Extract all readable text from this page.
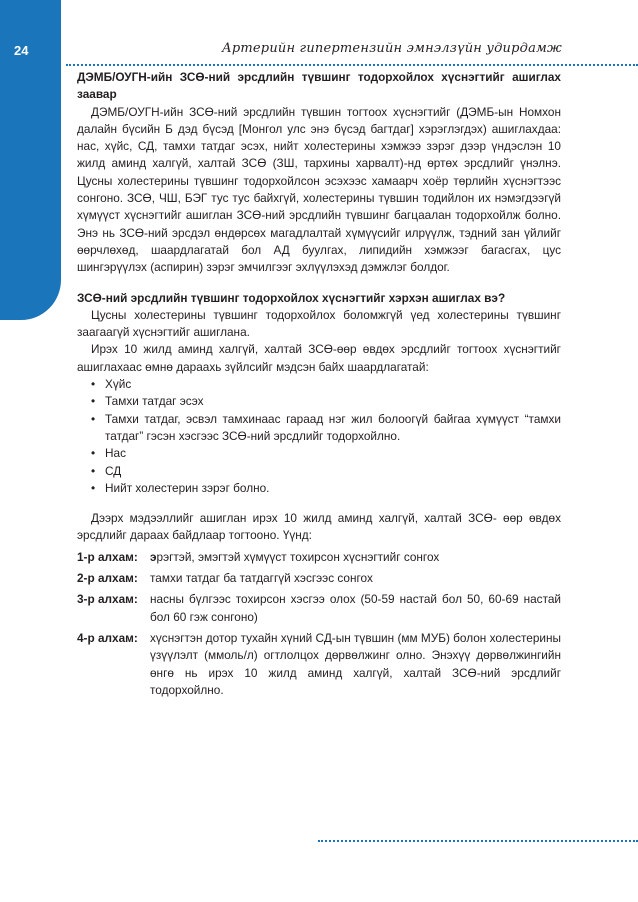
24	Артерийн гипертензийн эмнэлзүйн удирдамж
ДЭМБ/ОУГН-ийн ЗСӨ-ний эрсдлийн түвшинг тодорхойлох хүснэгтийг ашиглах заавар

ДЭМБ/ОУГН-ийн ЗСӨ-ний эрсдлийн түвшин тогтоох хүснэгтийг (ДЭМБ-ын Номхон далайн бүсийн Б дэд бүсэд [Монгол улс энэ бүсэд багтдаг] хэрэглэгдэх) ашиглахдаа: нас, хүйс, СД, тамхи татдаг эсэх, нийт холестерины хэмжээ зэрэг дээр үндэслэн 10 жилд аминд халгүй, халтай ЗСӨ (ЗШ, тархины харвалт)-нд өртөх эрсдлийг үнэлнэ. Цусны холестерины түвшинг тодорхойлсон эсэхээс хамаарч хоёр төрлийн хүснэгтээс сонгоно. ЗСӨ, ЧШ, БЭГ тус тус байхгүй, холестерины түвшин тодийлон их нэмэгдээгүй хүмүүст хүснэгтийг ашиглан ЗСӨ-ний эрсдлийн түвшинг багцаалан тодорхойлж болно. Энэ нь ЗСӨ-ний эрсдэл өндөрсөх магадлалтай хүмүүсийг илрүүлж, тэдний зан үйлийг өөрчлөхөд, шаардлагатай бол АД буулгах, липидийн хэмжээг багасгах, цус шингэрүүлэх (аспирин) зэрэг эмчилгээг эхлүүлэхэд дэмжлэг болдог.

ЗСӨ-ний эрсдлийн түвшинг тодорхойлох хүснэгтийг хэрхэн ашиглах вэ?

Цусны холестерины түвшинг тодорхойлох боломжгүй үед холестерины түвшинг заагаагүй хүснэгтийг ашиглана.

Ирэх 10 жилд аминд халгүй, халтай ЗСӨ-өөр өвдөх эрсдлийг тогтоох хүснэгтийг ашиглахаас өмнө дараахь зүйлсийг мэдсэн байх шаардлагатай:

• Хүйс
• Тамхи татдаг эсэх
• Тамхи татдаг, эсвэл тамхинаас гараад нэг жил болоогүй байгаа хүмүүст “тамхи татдаг” гэсэн хэсгээс ЗСӨ-ний эрсдлийг тодорхойлно.
• Нас
• СД
• Нийт холестерин зэрэг болно.

Дээрх мэдээллийг ашиглан ирэх 10 жилд аминд халгүй, халтай ЗСӨ- өөр өвдөх эрсдлийг дараах байдлаар тогтооно. Үүнд:

1-р алхам:	эрэгтэй, эмэгтэй хүмүүст тохирсон хүснэгтийг сонгох
2-р алхам:	тамхи татдаг ба татдаггүй хэсгээс сонгох
3-р алхам:	насны бүлгээс тохирсон хэсгээ олох (50-59 настай бол 50, 60-69 настай бол 60 гэж сонгоно)
4-р алхам:	хүснэгтэн дотор тухайн хүний СД-ын түвшин (мм МУБ) болон холестерины үзүүлэлт (ммоль/л) огтлолцох дөрвөлжинг олно. Энэхүү дөрвөлжингийн өнгө нь ирэх 10 жилд аминд халгүй, халтай ЗСӨ-ний эрсдлийг тодорхойлно.
